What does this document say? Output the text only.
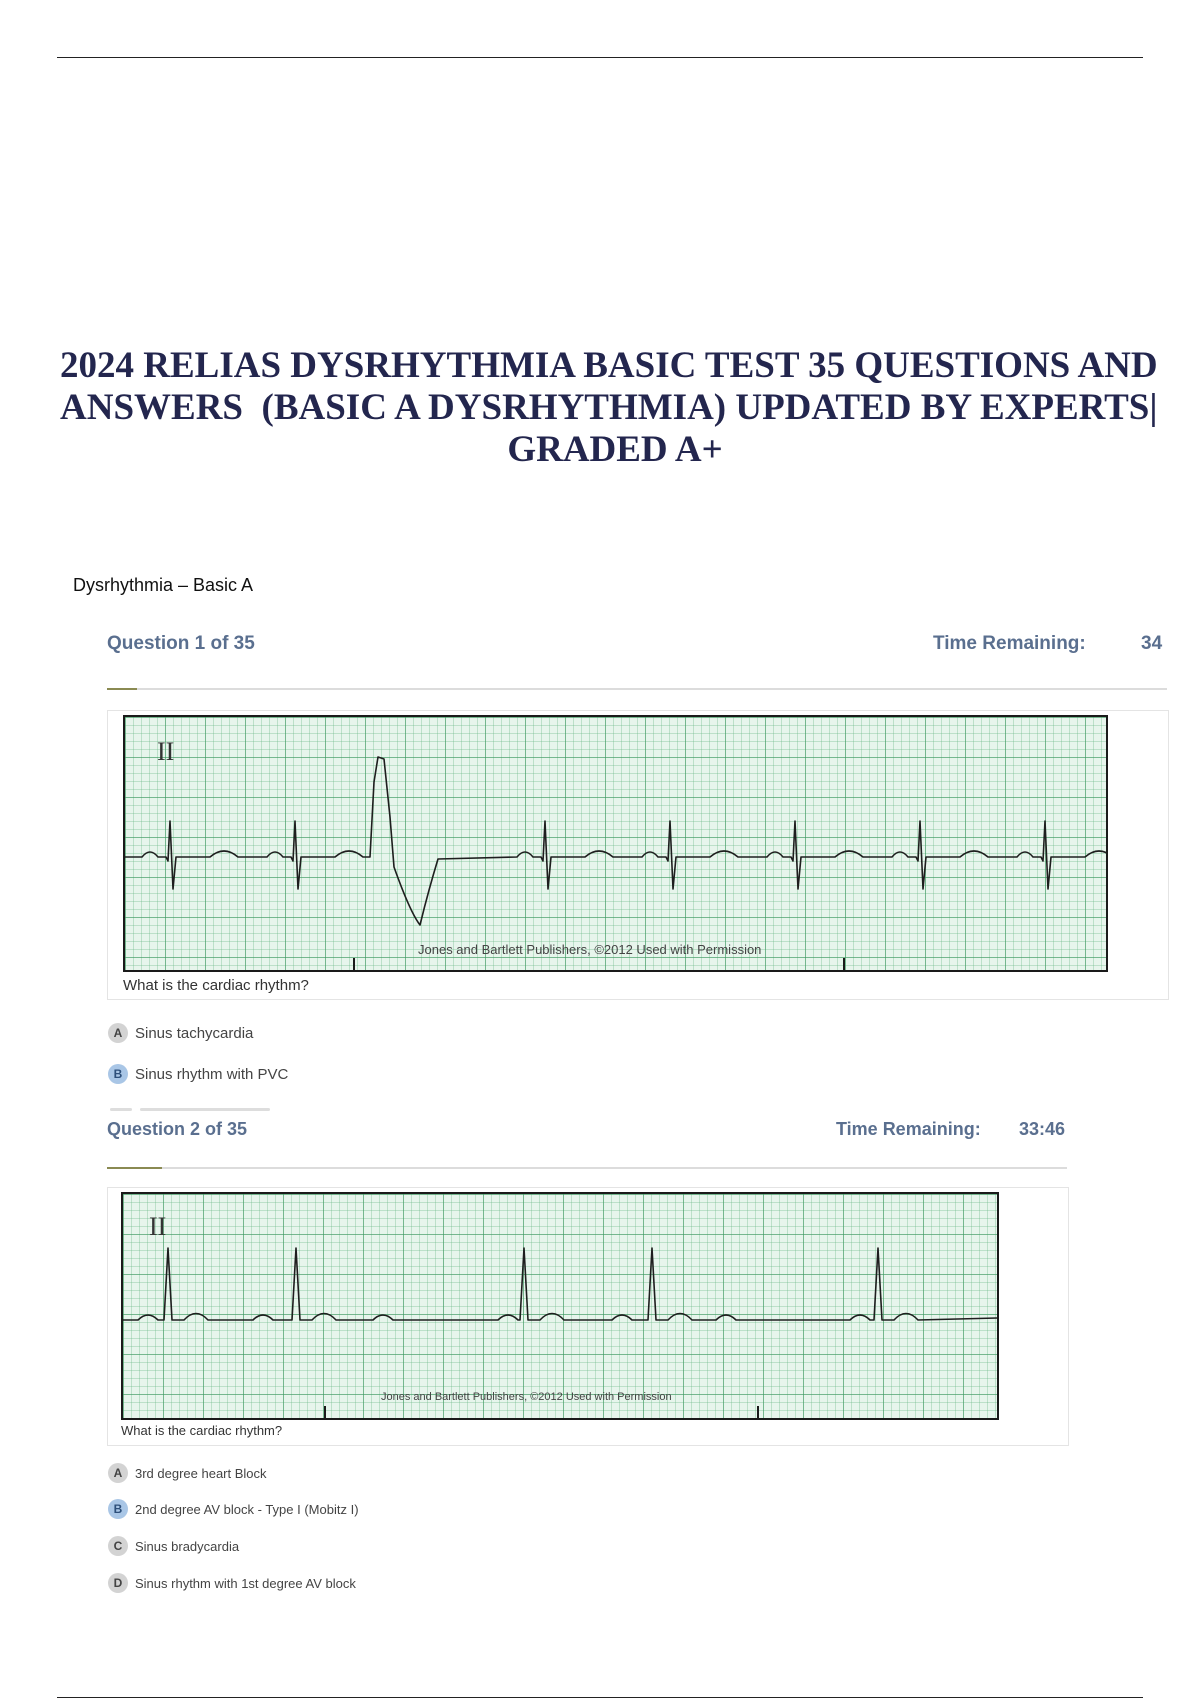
2024 RELIAS DYSRHYTHMIA BASIC TEST 35 QUESTIONS AND
ANSWERS  (BASIC A DYSRHYTHMIA) UPDATED BY EXPERTS|
GRADED A+
Dysrhythmia – Basic A
Question 1 of 35	Time Remaining:	34
II
Jones and Bartlett Publishers, ©2012 Used with Permission
What is the cardiac rhythm?
A Sinus tachycardia
B Sinus rhythm with PVC
Question 2 of 35	Time Remaining: 33:46
II
Jones and Bartlett Publishers, ©2012 Used with Permission
What is the cardiac rhythm?
A 3rd degree heart Block
B 2nd degree AV block - Type I (Mobitz I)
C Sinus bradycardia
D Sinus rhythm with 1st degree AV block
